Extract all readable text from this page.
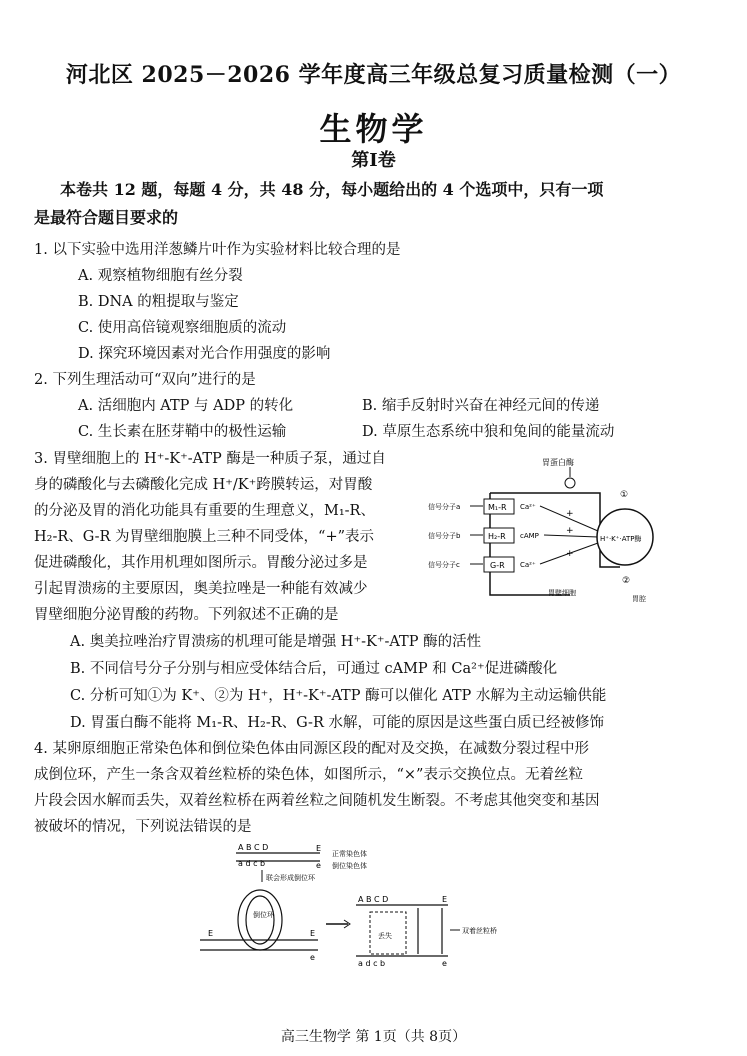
河北区 2025－2026 学年度高三年级总复习质量检测（一）
生物学
第Ⅰ卷
本卷共 12 题，每题 4 分，共 48 分，每小题给出的 4 个选项中，只有一项
是最符合题目要求的
1. 以下实验中选用洋葱鳞片叶作为实验材料比较合理的是
A. 观察植物细胞有丝分裂
B. DNA 的粗提取与鉴定
C. 使用高倍镜观察细胞质的流动
D. 探究环境因素对光合作用强度的影响
2. 下列生理活动可“双向”进行的是
A. 活细胞内 ATP 与 ADP 的转化	B. 缩手反射时兴奋在神经元间的传递
C. 生长素在胚芽鞘中的极性运输	D. 草原生态系统中狼和兔间的能量流动
3. 胃壁细胞上的 H⁺-K⁺-ATP 酶是一种质子泵，通过自
身的磷酸化与去磷酸化完成 H⁺/K⁺跨膜转运，对胃酸
的分泌及胃的消化功能具有重要的生理意义，M₁-R、
H₂-R、G-R 为胃壁细胞膜上三种不同受体，“+”表示
促进磷酸化，其作用机理如图所示。胃酸分泌过多是
引起胃溃疡的主要原因，奥美拉唑是一种能有效减少
胃壁细胞分泌胃酸的药物。下列叙述不正确的是
胃蛋白酶
M₁-R
H₂-R
G-R
信号分子a
信号分子b
信号分子c
Ca²⁺
cAMP
Ca²⁺
+
+
+
H⁺·K⁺·ATP酶
①
②
胃壁细胞
胃腔
A. 奥美拉唑治疗胃溃疡的机理可能是增强 H⁺-K⁺-ATP 酶的活性
B. 不同信号分子分别与相应受体结合后，可通过 cAMP 和 Ca²⁺促进磷酸化
C. 分析可知①为 K⁺、②为 H⁺，H⁺-K⁺-ATP 酶可以催化 ATP 水解为主动运输供能
D. 胃蛋白酶不能将 M₁-R、H₂-R、G-R 水解，可能的原因是这些蛋白质已经被修饰
4. 某卵原细胞正常染色体和倒位染色体由同源区段的配对及交换，在减数分裂过程中形
成倒位环，产生一条含双着丝粒桥的染色体，如图所示，“×”表示交换位点。无着丝粒
片段会因水解而丢失，双着丝粒桥在两着丝粒之间随机发生断裂。不考虑其他突变和基因
被破坏的情况，下列说法错误的是
A B C D	E
正常染色体
a d c b	e 倒位染色体
联会形成倒位环
倒位环
E	E
e
A B C D	E
丢失
a d c b	e
双着丝粒桥
高三生物学 第 1页（共 8页）
